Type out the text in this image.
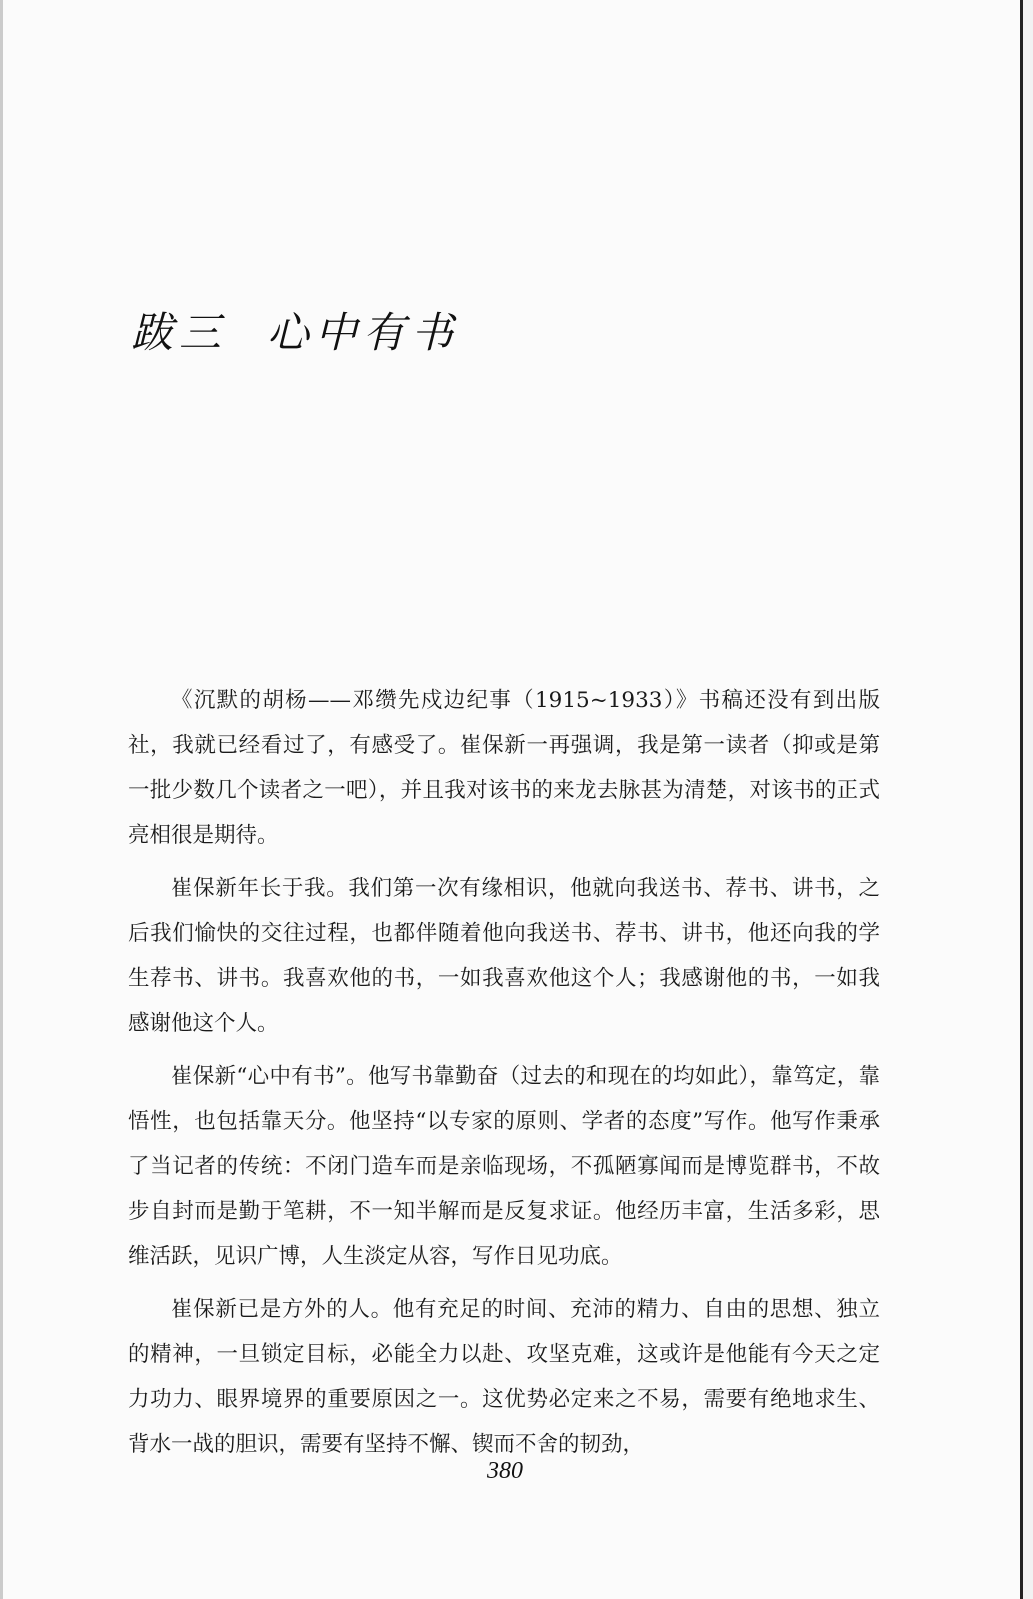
跋三 心中有书

《沉默的胡杨——邓缵先戍边纪事（1915~1933）》书稿还没有到出版社，我就已经看过了，有感受了。崔保新一再强调，我是第一读者（抑或是第一批少数几个读者之一吧），并且我对该书的来龙去脉甚为清楚，对该书的正式亮相很是期待。

崔保新年长于我。我们第一次有缘相识，他就向我送书、荐书、讲书，之后我们愉快的交往过程，也都伴随着他向我送书、荐书、讲书，他还向我的学生荐书、讲书。我喜欢他的书，一如我喜欢他这个人；我感谢他的书，一如我感谢他这个人。

崔保新“心中有书”。他写书靠勤奋（过去的和现在的均如此），靠笃定，靠悟性，也包括靠天分。他坚持“以专家的原则、学者的态度”写作。他写作秉承了当记者的传统：不闭门造车而是亲临现场，不孤陋寡闻而是博览群书，不故步自封而是勤于笔耕，不一知半解而是反复求证。他经历丰富，生活多彩，思维活跃，见识广博，人生淡定从容，写作日见功底。

崔保新已是方外的人。他有充足的时间、充沛的精力、自由的思想、独立的精神，一旦锁定目标，必能全力以赴、攻坚克难，这或许是他能有今天之定力功力、眼界境界的重要原因之一。这优势必定来之不易，需要有绝地求生、背水一战的胆识，需要有坚持不懈、锲而不舍的韧劲，

380
